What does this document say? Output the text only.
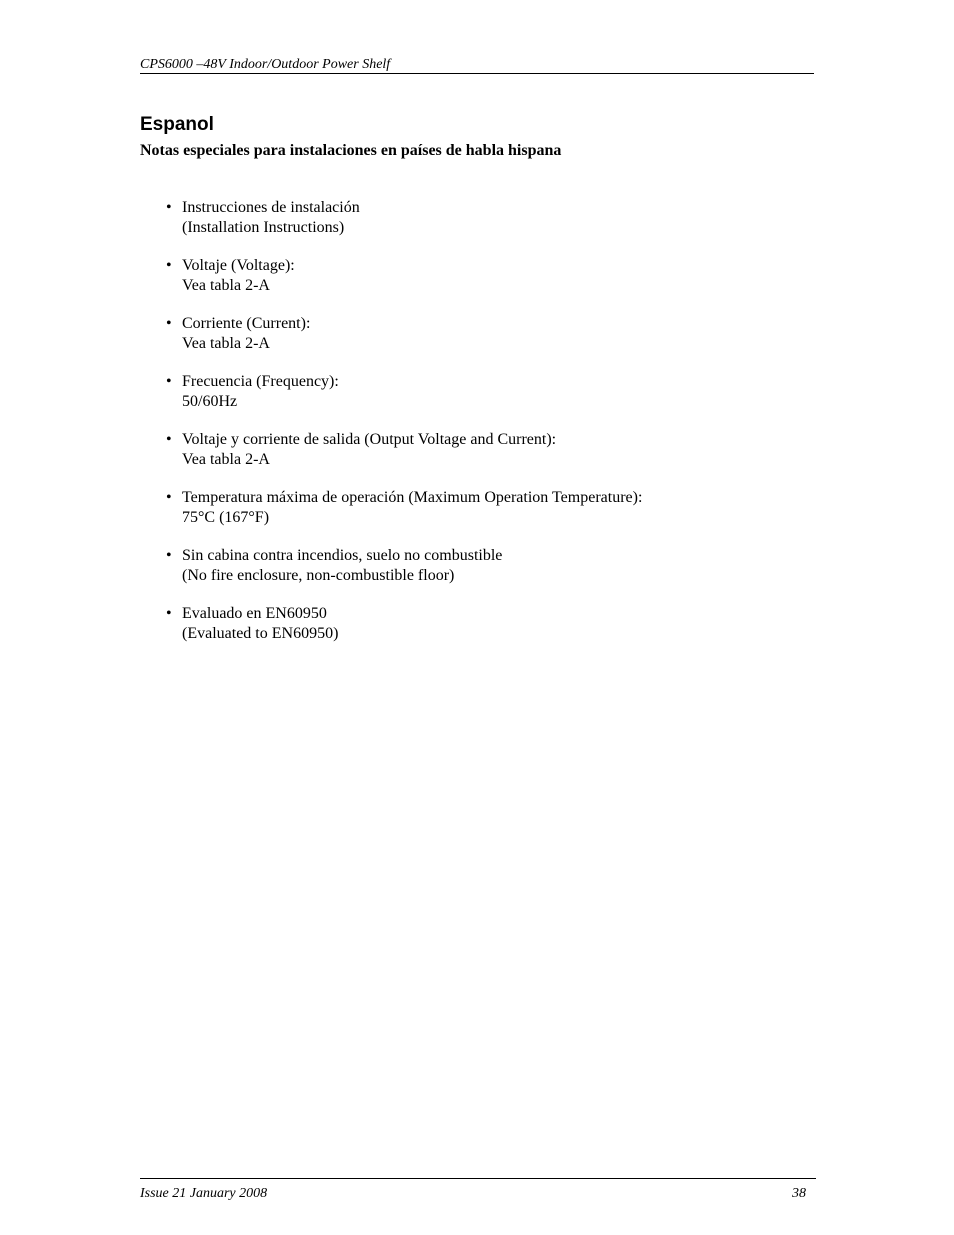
CPS6000 –48V Indoor/Outdoor Power Shelf
Espanol
Notas especiales para instalaciones en países de habla hispana
• Instrucciones de instalación
(Installation Instructions)
• Voltaje (Voltage):
Vea tabla 2-A
• Corriente (Current):
Vea tabla 2-A
• Frecuencia (Frequency):
50/60Hz
• Voltaje y corriente de salida (Output Voltage and Current):
Vea tabla 2-A
• Temperatura máxima de operación (Maximum Operation Temperature):
75°C (167°F)
• Sin cabina contra incendios, suelo no combustible
(No fire enclosure, non-combustible floor)
• Evaluado en EN60950
(Evaluated to EN60950)
Issue 21 January 2008	38
